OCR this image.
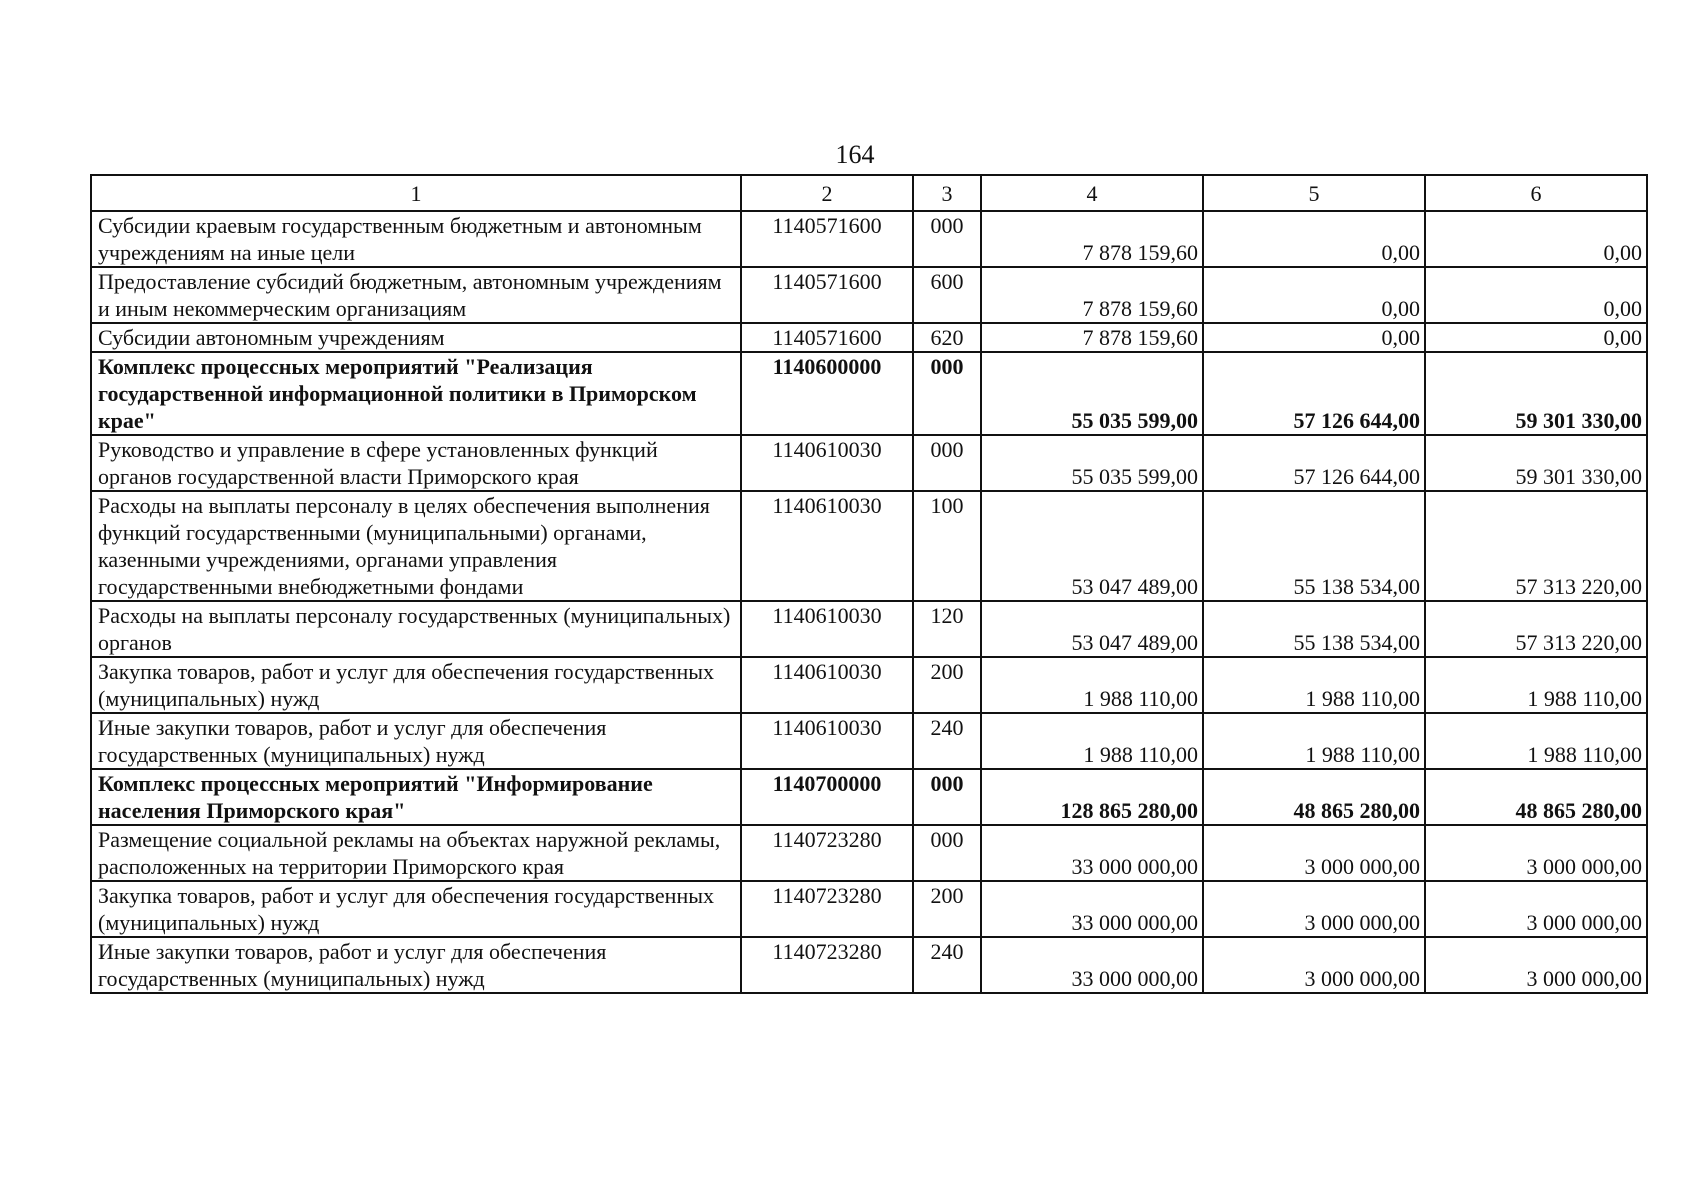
164
1	2	3	4	5	6
Субсидии краевым государственным бюджетным и автономным учреждениям на иные цели	1140571600	000	7 878 159,60	0,00	0,00
Предоставление субсидий бюджетным, автономным учреждениям и иным некоммерческим организациям	1140571600	600	7 878 159,60	0,00	0,00
Субсидии автономным учреждениям	1140571600	620	7 878 159,60	0,00	0,00
Комплекс процессных мероприятий "Реализация государственной информационной политики в Приморском крае"	1140600000	000	55 035 599,00	57 126 644,00	59 301 330,00
Руководство и управление в сфере установленных функций органов государственной власти Приморского края	1140610030	000	55 035 599,00	57 126 644,00	59 301 330,00
Расходы на выплаты персоналу в целях обеспечения выполнения функций государственными (муниципальными) органами, казенными учреждениями, органами управления государственными внебюджетными фондами	1140610030	100	53 047 489,00	55 138 534,00	57 313 220,00
Расходы на выплаты персоналу государственных (муниципальных) органов	1140610030	120	53 047 489,00	55 138 534,00	57 313 220,00
Закупка товаров, работ и услуг для обеспечения государственных (муниципальных) нужд	1140610030	200	1 988 110,00	1 988 110,00	1 988 110,00
Иные закупки товаров, работ и услуг для обеспечения государственных (муниципальных) нужд	1140610030	240	1 988 110,00	1 988 110,00	1 988 110,00
Комплекс процессных мероприятий "Информирование населения Приморского края"	1140700000	000	128 865 280,00	48 865 280,00	48 865 280,00
Размещение социальной рекламы на объектах наружной рекламы, расположенных на территории Приморского края	1140723280	000	33 000 000,00	3 000 000,00	3 000 000,00
Закупка товаров, работ и услуг для обеспечения государственных (муниципальных) нужд	1140723280	200	33 000 000,00	3 000 000,00	3 000 000,00
Иные закупки товаров, работ и услуг для обеспечения государственных (муниципальных) нужд	1140723280	240	33 000 000,00	3 000 000,00	3 000 000,00
